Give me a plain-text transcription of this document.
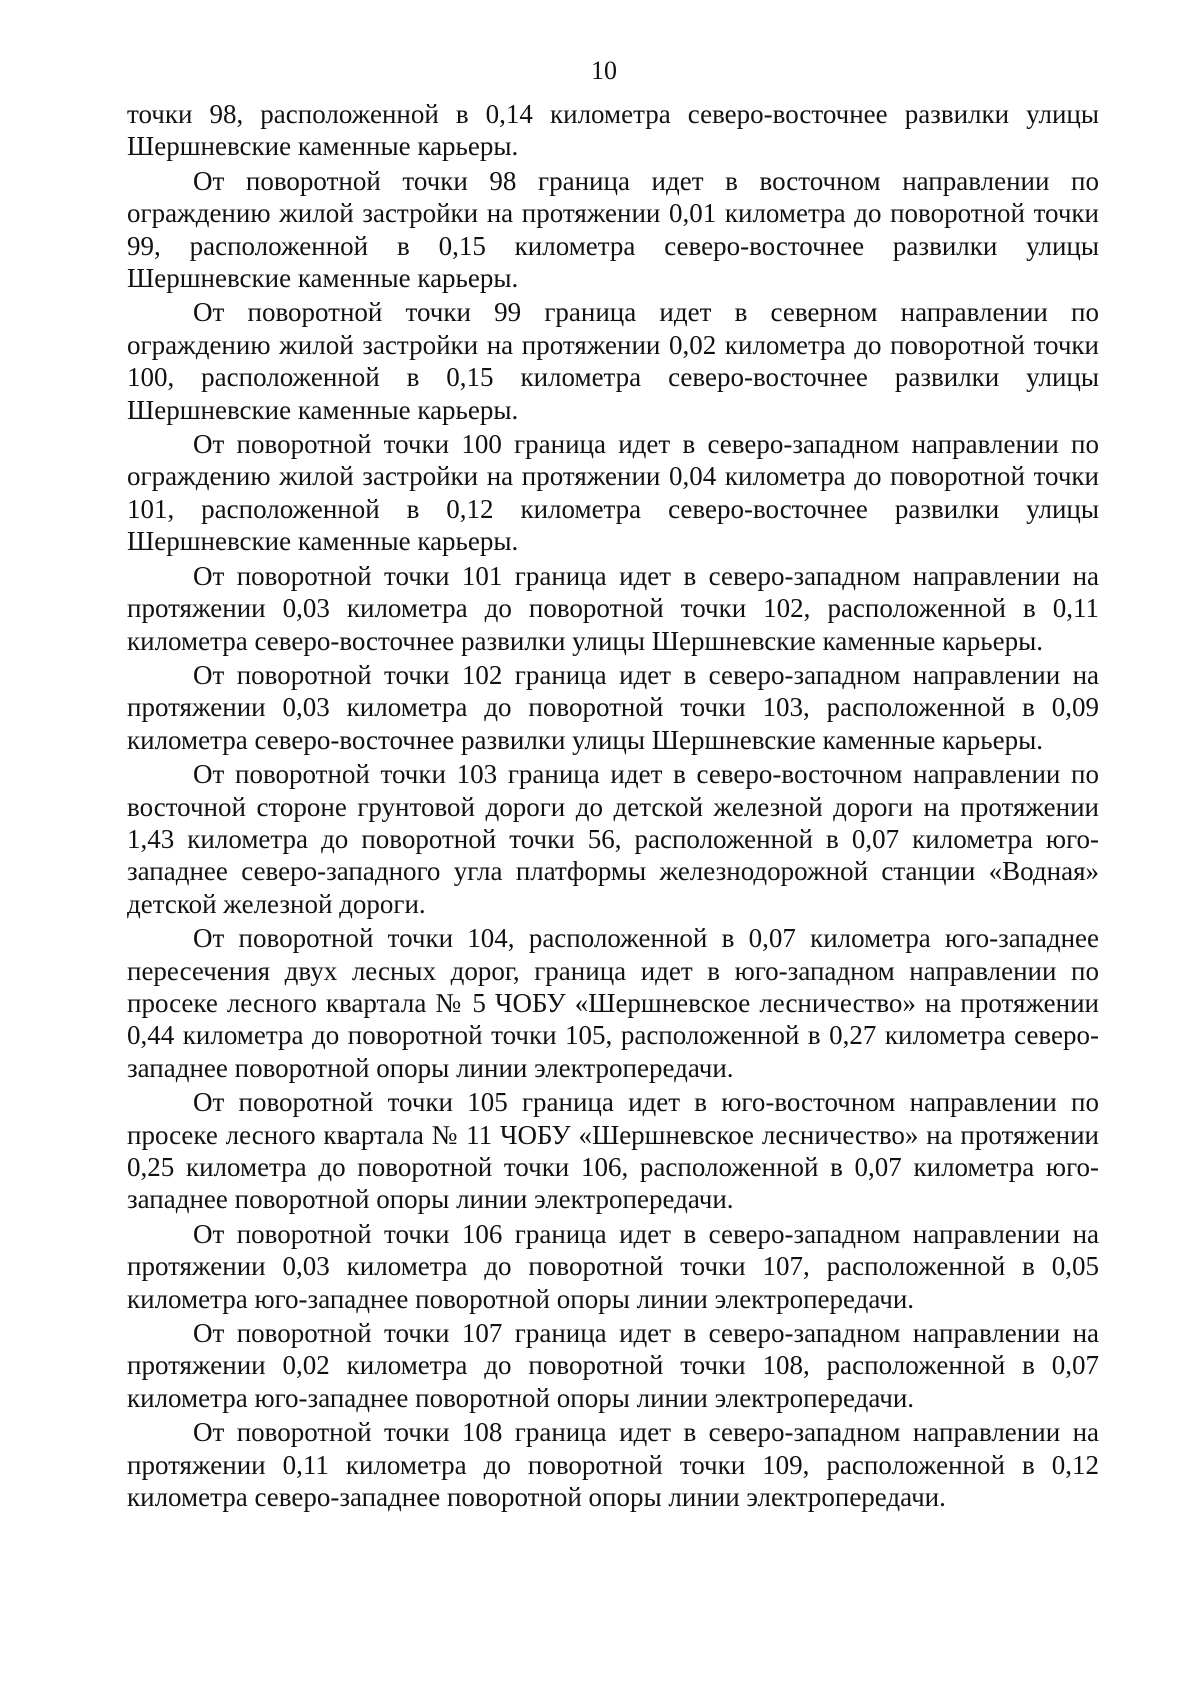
10

точки 98, расположенной в 0,14 километра северо-восточнее развилки улицы Шершневские каменные карьеры.

От поворотной точки 98 граница идет в восточном направлении по ограждению жилой застройки на протяжении 0,01 километра до поворотной точки 99, расположенной в 0,15 километра северо-восточнее развилки улицы Шершневские каменные карьеры.

От поворотной точки 99 граница идет в северном направлении по ограждению жилой застройки на протяжении 0,02 километра до поворотной точки 100, расположенной в 0,15 километра северо-восточнее развилки улицы Шершневские каменные карьеры.

От поворотной точки 100 граница идет в северо-западном направлении по ограждению жилой застройки на протяжении 0,04 километра до поворотной точки 101, расположенной в 0,12 километра северо-восточнее развилки улицы Шершневские каменные карьеры.

От поворотной точки 101 граница идет в северо-западном направлении на протяжении 0,03 километра до поворотной точки 102, расположенной в 0,11 километра северо-восточнее развилки улицы Шершневские каменные карьеры.

От поворотной точки 102 граница идет в северо-западном направлении на протяжении 0,03 километра до поворотной точки 103, расположенной в 0,09 километра северо-восточнее развилки улицы Шершневские каменные карьеры.

От поворотной точки 103 граница идет в северо-восточном направлении по восточной стороне грунтовой дороги до детской железной дороги на протяжении 1,43 километра до поворотной точки 56, расположенной в 0,07 километра юго-западнее северо-западного угла платформы железнодорожной станции «Водная» детской железной дороги.

От поворотной точки 104, расположенной в 0,07 километра юго-западнее пересечения двух лесных дорог, граница идет в юго-западном направлении по просеке лесного квартала № 5 ЧОБУ «Шершневское лесничество» на протяжении 0,44 километра до поворотной точки 105, расположенной в 0,27 километра северо-западнее поворотной опоры линии электропередачи.

От поворотной точки 105 граница идет в юго-восточном направлении по просеке лесного квартала № 11 ЧОБУ «Шершневское лесничество» на протяжении 0,25 километра до поворотной точки 106, расположенной в 0,07 километра юго-западнее поворотной опоры линии электропередачи.

От поворотной точки 106 граница идет в северо-западном направлении на протяжении 0,03 километра до поворотной точки 107, расположенной в 0,05 километра юго-западнее поворотной опоры линии электропередачи.

От поворотной точки 107 граница идет в северо-западном направлении на протяжении 0,02 километра до поворотной точки 108, расположенной в 0,07 километра юго-западнее поворотной опоры линии электропередачи.

От поворотной точки 108 граница идет в северо-западном направлении на протяжении 0,11 километра до поворотной точки 109, расположенной в 0,12 километра северо-западнее поворотной опоры линии электропередачи.
